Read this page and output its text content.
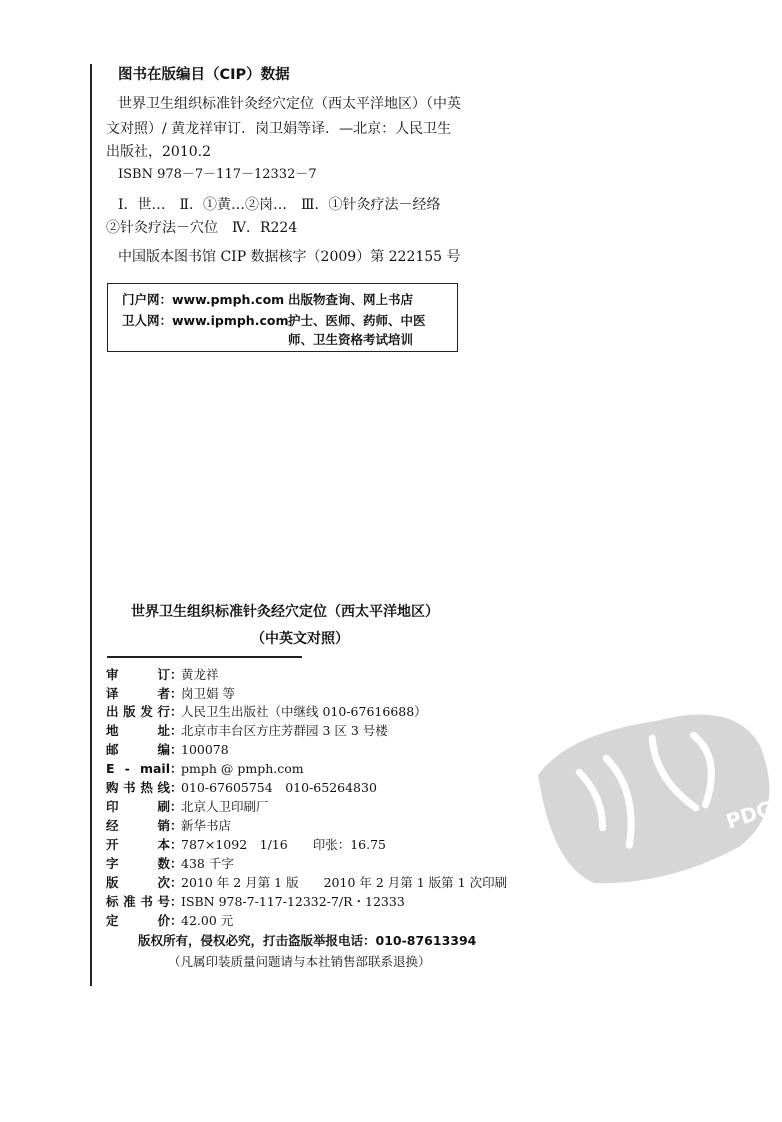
图书在版编目（CIP）数据
世界卫生组织标准针灸经穴定位（西太平洋地区）（中英
文对照）/ 黄龙祥审订．岗卫娟等译．—北京：人民卫生
出版社，2010.2
ISBN 978－7－117－12332－7
Ⅰ．世…　Ⅱ．①黄…②岗…　Ⅲ．①针灸疗法－经络
②针灸疗法－穴位　Ⅳ．R224
中国版本图书馆 CIP 数据核字（2009）第 222155 号
门户网：www.pmph.com 出版物查询、网上书店
卫人网：www.ipmph.com 护士、医师、药师、中医
师、卫生资格考试培训
世界卫生组织标准针灸经穴定位（西太平洋地区）
（中英文对照）
审订 ：
黄龙祥
译者 ：
岗卫娟 等
出版发行 ：
人民卫生出版社（中继线 010-67616688）
地址 ：
北京市丰台区方庄芳群园 3 区 3 号楼
邮编 ：
100078
E - mail ：
pmph @ pmph.com
购书热线 ：
010-67605754　010-65264830
印刷 ：
北京人卫印刷厂
经销 ：
新华书店
开本 ：
787×1092　1/16　　印张：16.75
字数 ：
438 千字
版次 ：
2010 年 2 月第 1 版　　2010 年 2 月第 1 版第 1 次印刷
标准书号 ：
ISBN 978-7-117-12332-7/R・12333
定价 ：
42.00 元
版权所有，侵权必究，打击盗版举报电话：010-87613394
（凡属印装质量问题请与本社销售部联系退换）
PDG
